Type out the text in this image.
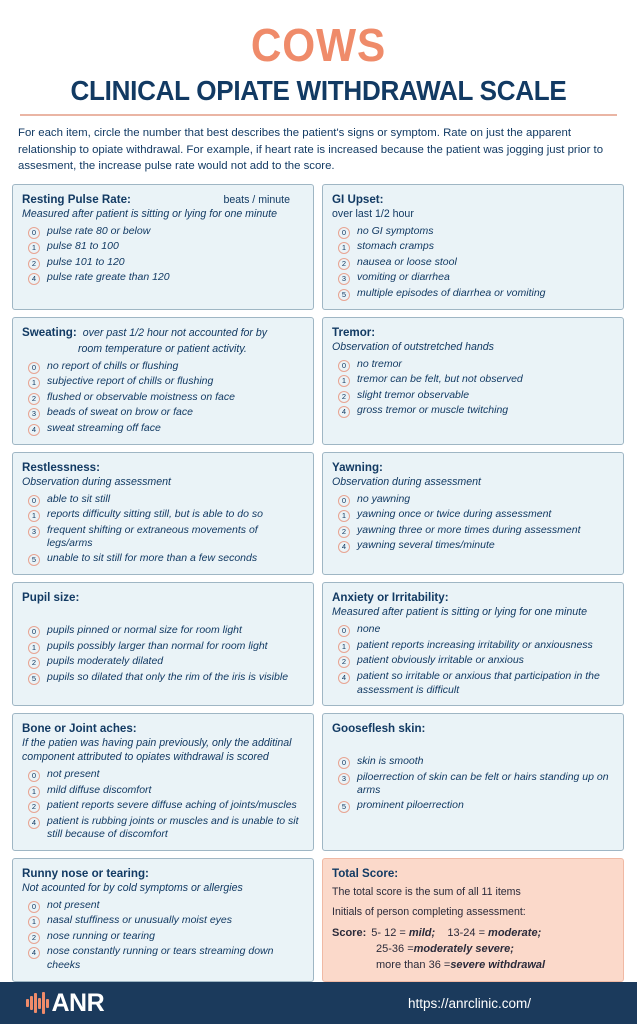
COWS
CLINICAL OPIATE WITHDRAWAL SCALE
For each item, circle the number that best describes the patient's signs or symptom. Rate on just the apparent relationship to opiate withdrawal. For example, if heart rate is increased because the patient was jogging just prior to assesment, the increase pulse rate would not add to the score.
Resting Pulse Rate:	beats / minute
Measured after patient is sitting or lying for one minute
0	pulse rate 80 or below
1	pulse 81 to 100
2	pulse 101 to 120
4	pulse rate greate than 120
GI Upset:
over last 1/2 hour
0	no GI symptoms
1	stomach cramps
2	nausea or loose stool
3	vomiting or diarrhea
5	multiple episodes of diarrhea or vomiting
Sweating: over past 1/2 hour not accounted for by
room temperature or patient activity.
0	no report of chills or flushing
1	subjective report of chills or flushing
2	flushed or observable moistness on face
3	beads of sweat on brow or face
4	sweat streaming off face
Tremor:
Observation of outstretched hands
0	no tremor
1	tremor can be felt, but not observed
2	slight tremor observable
4	gross tremor or muscle twitching
Restlessness:
Observation during assessment
0	able to sit still
1	reports difficulty sitting still, but is able to do so
3	frequent shifting or extraneous movements of legs/arms
5	unable to sit still for more than a few seconds
Yawning:
Observation during assessment
0	no yawning
1	yawning once or twice during assessment
2	yawning three or more times during assessment
4	yawning several times/minute
Pupil size:
0	pupils pinned or normal size for room light
1	pupils possibly larger than normal for room light
2	pupils moderately dilated
5	pupils so dilated that only the rim of the iris is visible
Anxiety or Irritability:
Measured after patient is sitting or lying for one minute
0	none
1	patient reports increasing irritability or anxiousness
2	patient obviously irritable or anxious
4	patient so irritable or anxious that participation in the assessment is difficult
Bone or Joint aches:
If the patien was having pain previously, only the additinal component attributed to opiates withdrawal is scored
0	not present
1	mild diffuse discomfort
2	patient reports severe diffuse aching of joints/muscles
4	patient is rubbing joints or muscles and is unable to sit still because of discomfort
Gooseflesh skin:
0	skin is smooth
3	piloerrection of skin can be felt or hairs standing up on arms
5	prominent piloerrection
Runny nose or tearing:
Not acounted for by cold symptoms or allergies
0	not present
1	nasal stuffiness or unusually moist eyes
2	nose running or tearing
4	nose constantly running or tears streaming down cheeks
Total Score:
The total score is the sum of all 11 items
Initials of person completing assessment:
Score: 5- 12 = mild; 13-24 = moderate;
25-36 = moderately severe;
more than 36 = severe withdrawal
ANR	https://anrclinic.com/
